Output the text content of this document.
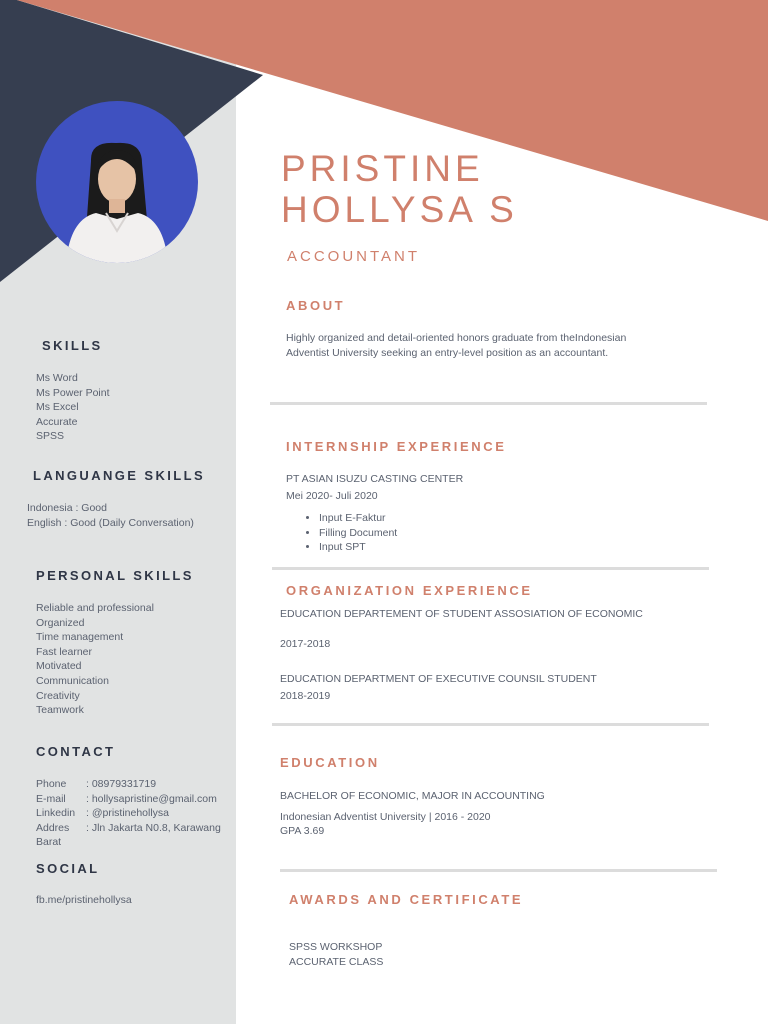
PRISTINE
HOLLYSA S
ACCOUNTANT
SKILLS
Ms Word
Ms Power Point
Ms Excel
Accurate
SPSS
LANGUANGE SKILLS
Indonesia : Good
English : Good (Daily Conversation)
PERSONAL SKILLS
Reliable and professional
Organized
Time management
Fast learner
Motivated
Communication
Creativity
Teamwork
CONTACT
Phone	: 08979331719
E-mail	: hollysapristine@gmail.com
Linkedin	: @pristinehollysa
Addres	: Jln Jakarta N0.8, Karawang
Barat
SOCIAL
fb.me/pristinehollysa
ABOUT
Highly organized and detail-oriented honors graduate from theIndonesian
Adventist University seeking an entry-level position as an accountant.
INTERNSHIP EXPERIENCE
PT ASIAN ISUZU CASTING CENTER
Mei 2020- Juli 2020
• Input E-Faktur
• Filling Document
• Input SPT
ORGANIZATION EXPERIENCE
EDUCATION DEPARTEMENT OF STUDENT ASSOSIATION OF ECONOMIC
2017-2018
EDUCATION DEPARTMENT OF EXECUTIVE COUNSIL STUDENT
2018-2019
EDUCATION
BACHELOR OF ECONOMIC, MAJOR IN ACCOUNTING
Indonesian Adventist University | 2016 - 2020
GPA 3.69
AWARDS AND CERTIFICATE
SPSS WORKSHOP
ACCURATE CLASS
